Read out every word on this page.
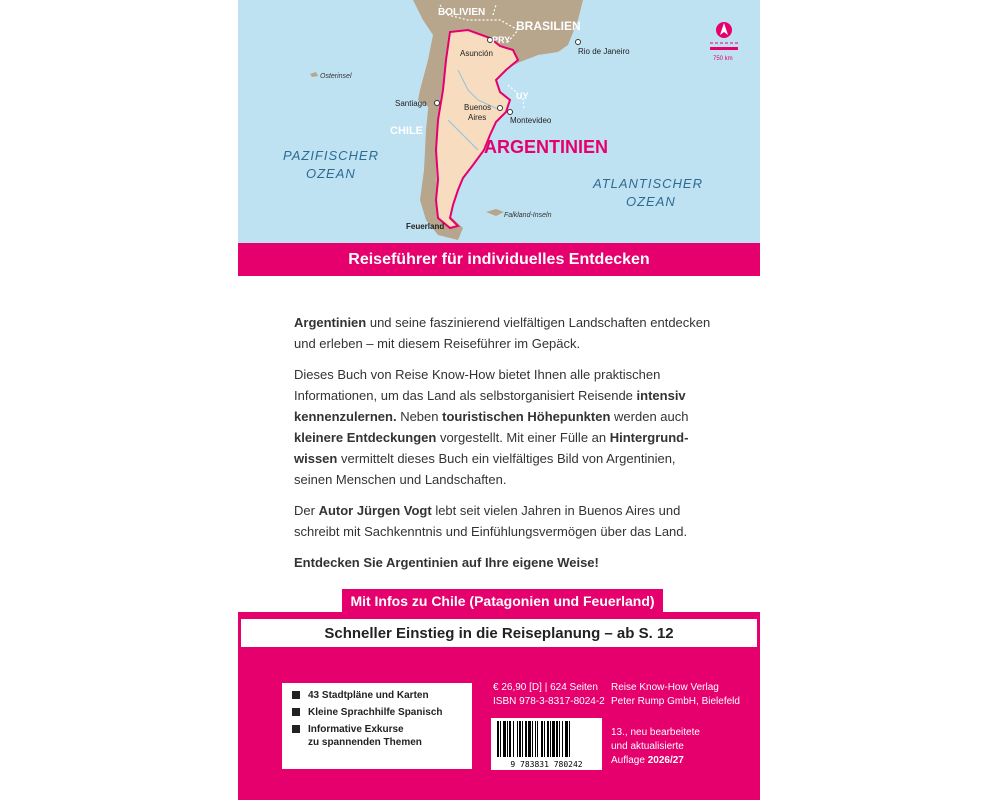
BOLIVIEN
BRASILIEN
PRY
UY
CHILE
ARGENTINIEN
Asunción	Rio de Janeiro
Santiago	Buenos
Aires	Montevideo
Feuerland
Osterinsel
Falkland-Inseln
PAZIFISCHER
OZEAN
ATLANTISCHER
OZEAN
750 km
Reiseführer für individuelles Entdecken

Argentinien und seine faszinierend vielfältigen Landschaften entdecken und erleben – mit diesem Reiseführer im Gepäck.

Dieses Buch von Reise Know-How bietet Ihnen alle praktischen Informationen, um das Land als selbstorganisiert Reisende intensiv kennenzulernen. Neben touristischen Höhepunkten werden auch kleinere Entdeckungen vorgestellt. Mit einer Fülle an Hintergrund-wissen vermittelt dieses Buch ein vielfältiges Bild von Argentinien, seinen Menschen und Landschaften.

Der Autor Jürgen Vogt lebt seit vielen Jahren in Buenos Aires und schreibt mit Sachkenntnis und Einfühlungsvermögen über das Land.

Entdecken Sie Argentinien auf Ihre eigene Weise!

Mit Infos zu Chile (Patagonien und Feuerland)
Schneller Einstieg in die Reiseplanung – ab S. 12
43 Stadtpläne und Karten
Kleine Sprachhilfe Spanisch
Informative Exkurse
zu spannenden Themen
€ 26,90 [D] | 624 Seiten
ISBN 978-3-8317-8024-2
Reise Know-How Verlag
Peter Rump GmbH, Bielefeld
13., neu bearbeitete
und aktualisierte
Auflage 2026/27
9 783831 780242
